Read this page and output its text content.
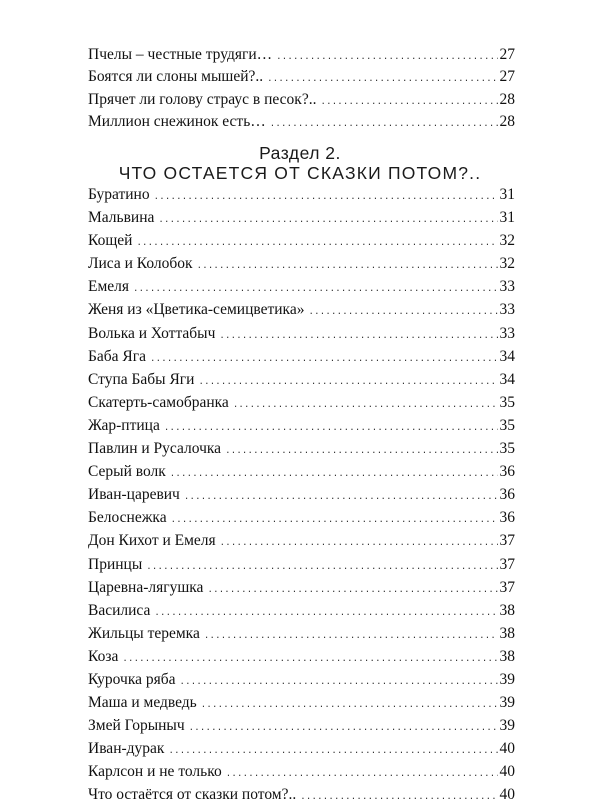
Пчелы – честные трудяги… .....	27
Боятся ли слоны мышей?.. .....	27
Прячет ли голову страус в песок?.. .....	28
Миллион снежинок есть… .....	28
Раздел 2.
ЧТО ОСТАЕТСЯ ОТ СКАЗКИ ПОТОМ?..
Буратино .....	31
Мальвина .....	31
Кощей .....	32
Лиса и Колобок .....	32
Емеля .....	33
Женя из «Цветика-семицветика» .....	33
Волька и Хоттабыч .....	33
Баба Яга .....	34
Ступа Бабы Яги .....	34
Скатерть-самобранка .....	35
Жар-птица .....	35
Павлин и Русалочка .....	35
Серый волк .....	36
Иван-царевич .....	36
Белоснежка .....	36
Дон Кихот и Емеля .....	37
Принцы .....	37
Царевна-лягушка .....	37
Василиса .....	38
Жильцы теремка .....	38
Коза .....	38
Курочка ряба .....	39
Маша и медведь .....	39
Змей Горыныч .....	39
Иван-дурак .....	40
Карлсон и не только .....	40
Что остаётся от сказки потом?.. .....	40
